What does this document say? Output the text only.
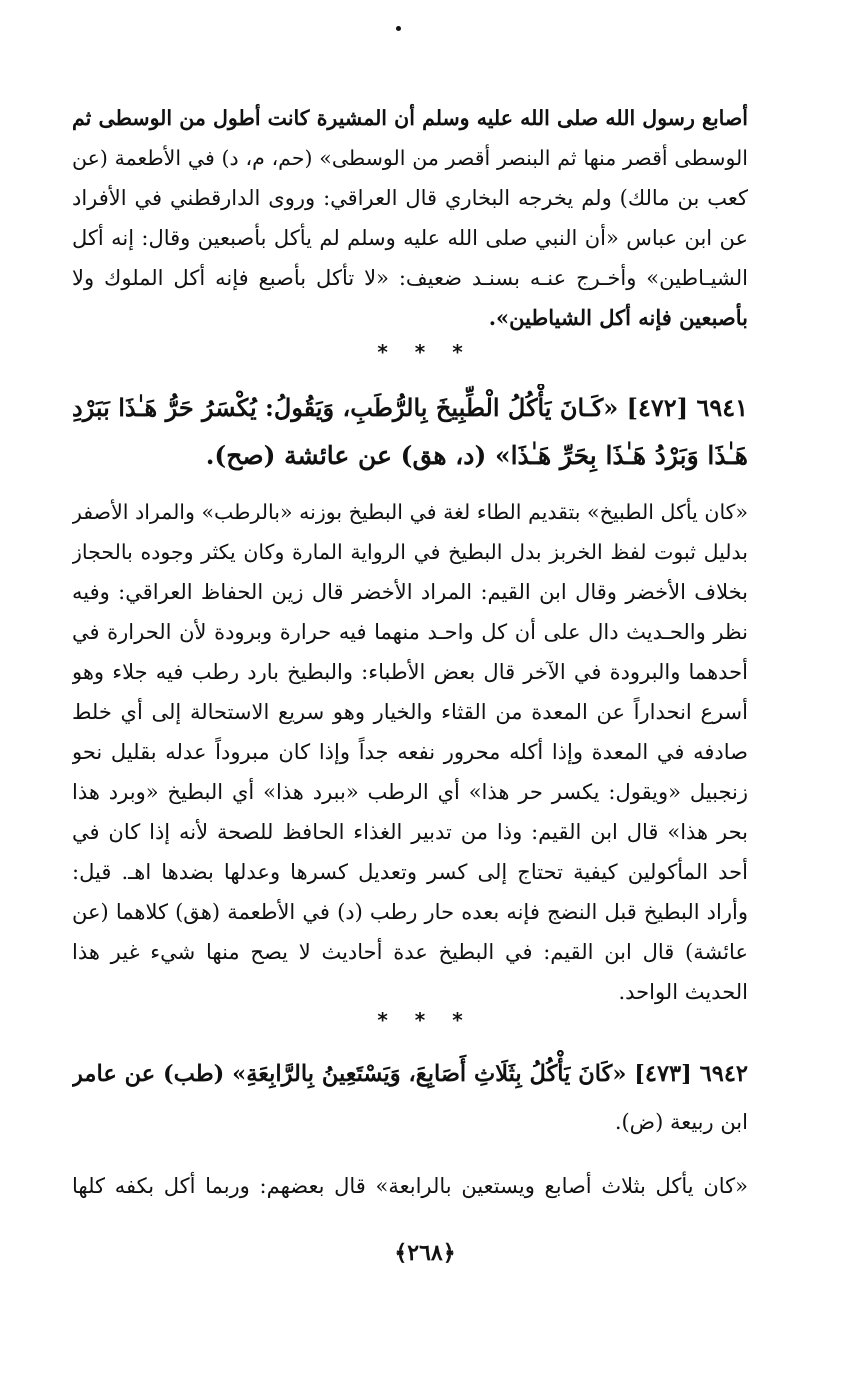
أصابع رسول الله صلى الله عليه وسلم أن المشيرة كانت أطول من الوسطى ثم
الوسطى أقصر منها ثم البنصر أقصر من الوسطى» (حم، م، د) في الأطعمة (عن
كعب بن مالك) ولم يخرجه البخاري قال العراقي: وروى الدارقطني في الأفراد
عن ابن عباس «أن النبي صلى الله عليه وسلم لم يأكل بأصبعين وقال: إنه أكل
الشيـاطين» وأخـرج عنـه بسنـد ضعيف: «لا تأكل بأصبع فإنه أكل الملوك ولا
بأصبعين فإنه أكل الشياطين».
* * *
٦٩٤١ [٤٧٢] «كَـانَ يَأْكُلُ الْطِّبِيخَ بِالرُّطَبِ، وَيَقُولُ: يُكْسَرُ حَرُّ هَـٰذَا بَبَرْدِ
هَـٰذَا وَبَرْدُ هَـٰذَا بِحَرِّ هَـٰذَا» (د، هق) عن عائشة (صح).
«كان يأكل الطبيخ» بتقديم الطاء لغة في البطيخ بوزنه «بالرطب» والمراد الأصفر
بدليل ثبوت لفظ الخربز بدل البطيخ في الرواية المارة وكان يكثر وجوده بالحجاز
بخلاف الأخضر وقال ابن القيم: المراد الأخضر قال زين الحفاظ العراقي: وفيه
نظر والحـديث دال على أن كل واحـد منهما فيه حرارة وبرودة لأن الحرارة في
أحدهما والبرودة في الآخر قال بعض الأطباء: والبطيخ بارد رطب فيه جلاء وهو
أسرع انحداراً عن المعدة من القثاء والخيار وهو سريع الاستحالة إلى أي خلط
صادفه في المعدة وإذا أكله محرور نفعه جداً وإذا كان مبروداً عدله بقليل نحو
زنجبيل «ويقول: يكسر حر هذا» أي الرطب «ببرد هذا» أي البطيخ «وبرد هذا
بحر هذا» قال ابن القيم: وذا من تدبير الغذاء الحافظ للصحة لأنه إذا كان في
أحد المأكولين كيفية تحتاج إلى كسر وتعديل كسرها وعدلها بضدها اهـ. قيل:
وأراد البطيخ قبل النضج فإنه بعده حار رطب (د) في الأطعمة (هق) كلاهما (عن
عائشة) قال ابن القيم: في البطيخ عدة أحاديث لا يصح منها شيء غير هذا
الحديث الواحد.
* * *
٦٩٤٢ [٤٧٣] «كَانَ يَأْكُلُ بِثَلَاثِ أَصَابِعَ، وَيَسْتَعِينُ بِالرَّابِعَةِ» (طب) عن عامر
ابن ربيعة (ض).
«كان يأكل بثلاث أصابع ويستعين بالرابعة» قال بعضهم: وربما أكل بكفه كلها
﴿٢٦٨﴾
